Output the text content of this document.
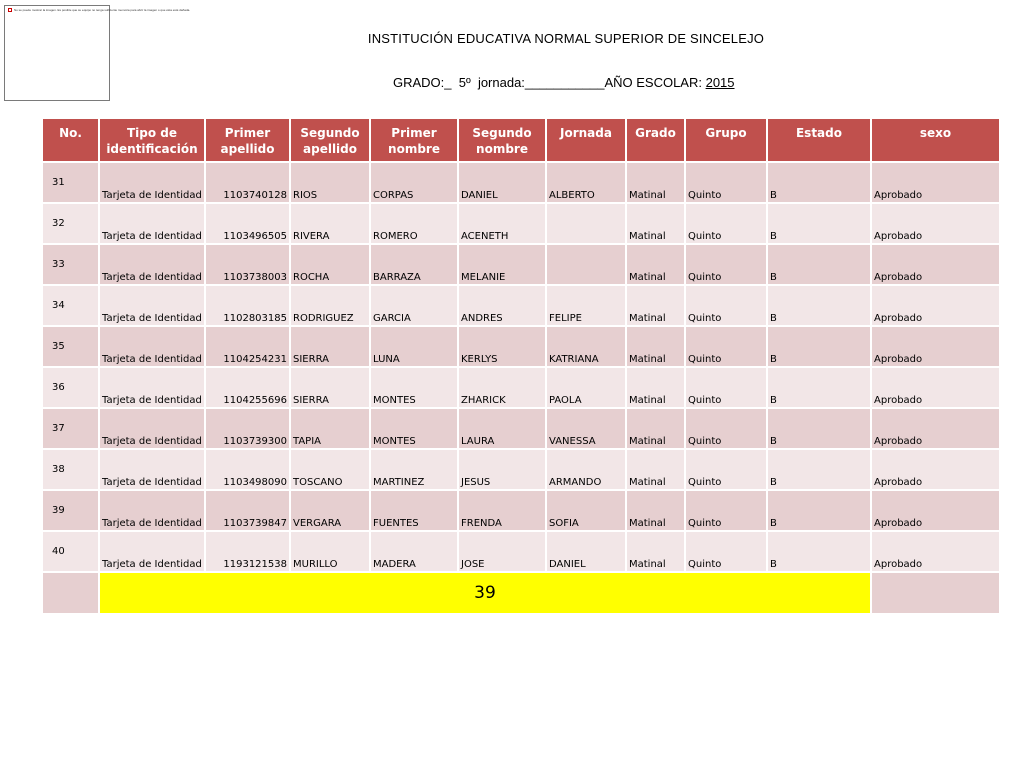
No se puede mostrar la imagen. Es posible que su equipo no tenga suficiente memoria para abrir la imagen o que ésta esté dañada.
INSTITUCIÓN EDUCATIVA NORMAL SUPERIOR DE SINCELEJO
GRADO:_  5º  jornada:___________AÑO ESCOLAR: 2015
No.	Tipo de identificación	Primer apellido	Segundo apellido	Primer nombre	Segundo nombre	Jornada	Grado	Grupo	Estado	sexo
31	Tarjeta de Identidad	1103740128	RIOS	CORPAS	DANIEL	ALBERTO	Matinal	Quinto	B	Aprobado
32	Tarjeta de Identidad	1103496505	RIVERA	ROMERO	ACENETH		Matinal	Quinto	B	Aprobado
33	Tarjeta de Identidad	1103738003	ROCHA	BARRAZA	MELANIE		Matinal	Quinto	B	Aprobado
34	Tarjeta de Identidad	1102803185	RODRIGUEZ	GARCIA	ANDRES	FELIPE	Matinal	Quinto	B	Aprobado
35	Tarjeta de Identidad	1104254231	SIERRA	LUNA	KERLYS	KATRIANA	Matinal	Quinto	B	Aprobado
36	Tarjeta de Identidad	1104255696	SIERRA	MONTES	ZHARICK	PAOLA	Matinal	Quinto	B	Aprobado
37	Tarjeta de Identidad	1103739300	TAPIA	MONTES	LAURA	VANESSA	Matinal	Quinto	B	Aprobado
38	Tarjeta de Identidad	1103498090	TOSCANO	MARTINEZ	JESUS	ARMANDO	Matinal	Quinto	B	Aprobado
39	Tarjeta de Identidad	1103739847	VERGARA	FUENTES	FRENDA	SOFIA	Matinal	Quinto	B	Aprobado
40	Tarjeta de Identidad	1193121538	MURILLO	MADERA	JOSE	DANIEL	Matinal	Quinto	B	Aprobado
	39									
